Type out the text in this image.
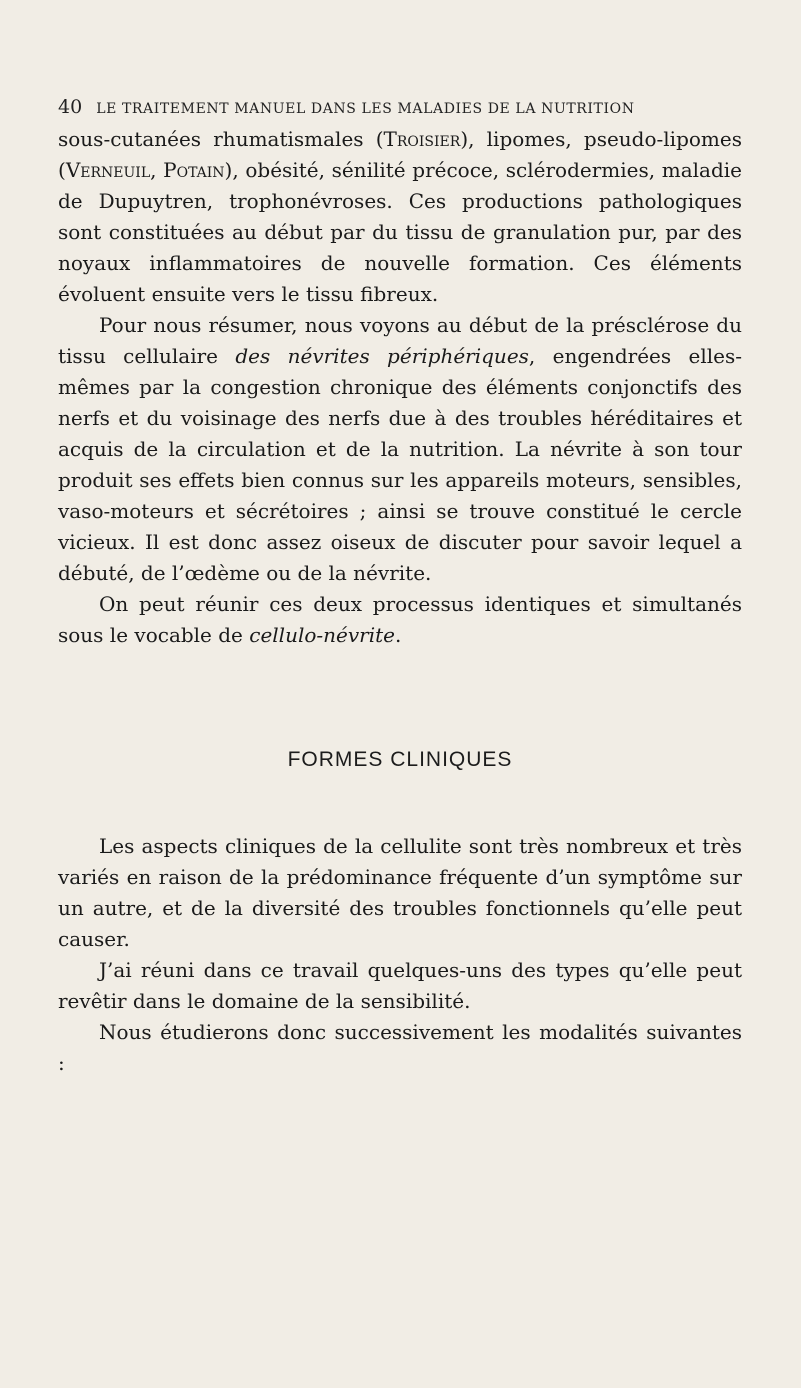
40 LE TRAITEMENT MANUEL DANS LES MALADIES DE LA NUTRITION

sous-cutanées rhumatismales (Troisier), lipomes, pseudo-lipomes (Verneuil, Potain), obésité, sénilité précoce, sclérodermies, maladie de Dupuytren, trophonévroses. Ces productions pathologiques sont constituées au début par du tissu de granulation pur, par des noyaux inflammatoires de nouvelle formation. Ces éléments évoluent ensuite vers le tissu fibreux.

Pour nous résumer, nous voyons au début de la présclérose du tissu cellulaire des névrites périphériques, engendrées elles-mêmes par la congestion chronique des éléments conjonctifs des nerfs et du voisinage des nerfs due à des troubles héréditaires et acquis de la circulation et de la nutrition. La névrite à son tour produit ses effets bien connus sur les appareils moteurs, sensibles, vaso-moteurs et sécrétoires ; ainsi se trouve constitué le cercle vicieux. Il est donc assez oiseux de discuter pour savoir lequel a débuté, de l’œdème ou de la névrite.

On peut réunir ces deux processus identiques et simultanés sous le vocable de cellulo-névrite.

FORMES CLINIQUES

Les aspects cliniques de la cellulite sont très nombreux et très variés en raison de la prédominance fréquente d’un symptôme sur un autre, et de la diversité des troubles fonctionnels qu’elle peut causer.

J’ai réuni dans ce travail quelques-uns des types qu’elle peut revêtir dans le domaine de la sensibilité.

Nous étudierons donc successivement les modalités suivantes :
